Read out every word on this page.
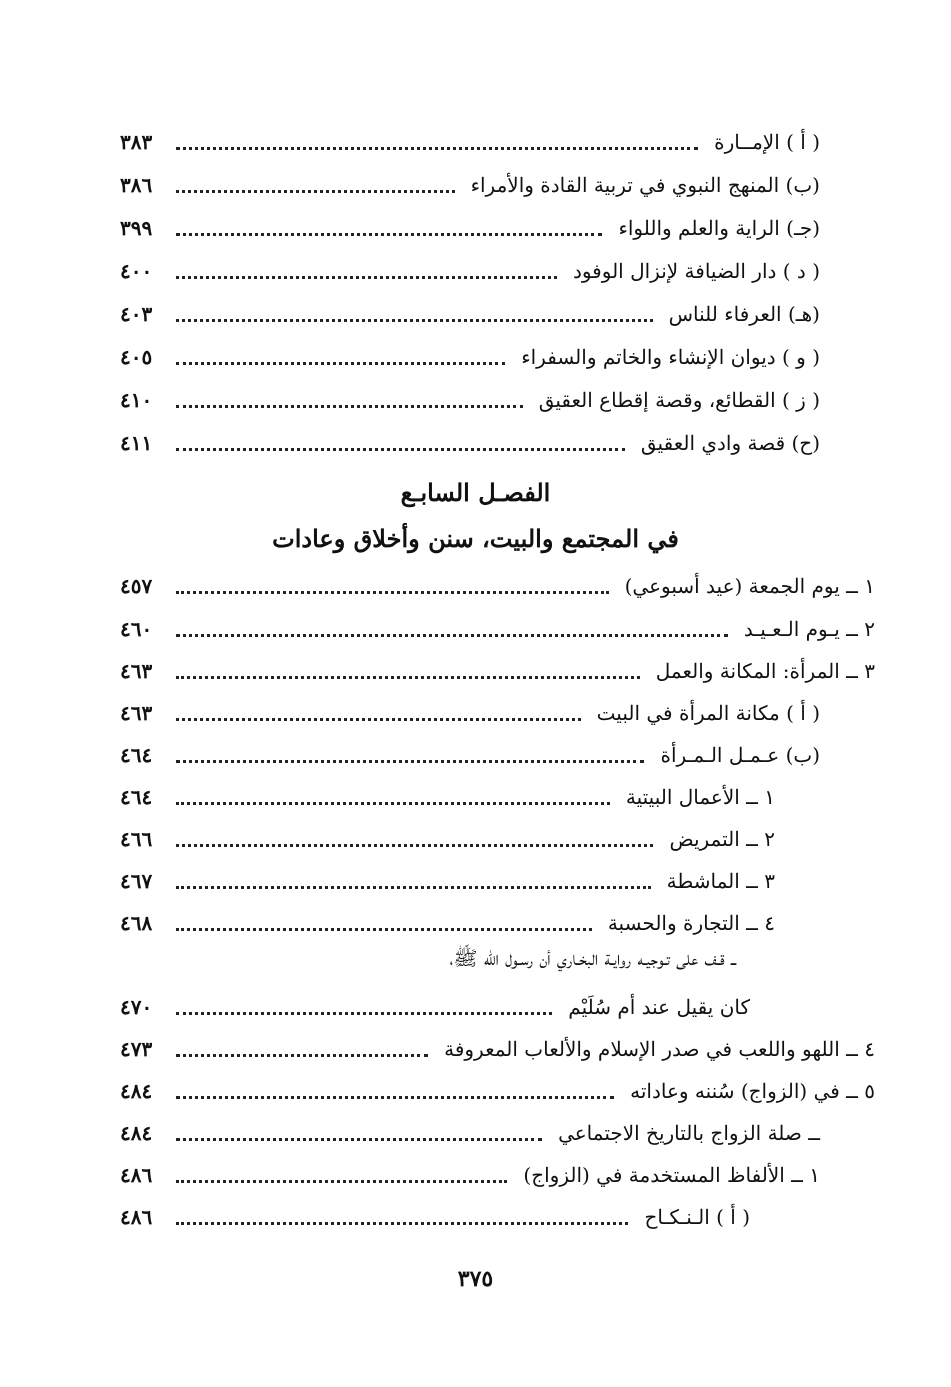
( أ ) الإمــارة
٣٨٣
(ب) المنهج النبوي في تربية القادة والأمراء
٣٨٦
(جـ) الراية والعلم واللواء
٣٩٩
( د ) دار الضيافة لإنزال الوفود
٤٠٠
(هـ) العرفاء للناس
٤٠٣
( و ) ديوان الإنشاء والخاتم والسفراء
٤٠٥
( ز ) القطائع، وقصة إقطاع العقيق
٤١٠
(ح) قصة وادي العقيق
٤١١
الفصـل السابـع
في المجتمع والبيت، سنن وأخلاق وعادات
١ ــ يوم الجمعة (عيد أسبوعي)
٤٥٧
٢ ــ يـوم الـعـيـد
٤٦٠
٣ ــ المرأة: المكانة والعمل
٤٦٣
( أ ) مكانة المرأة في البيت
٤٦٣
(ب) عـمـل الـمـرأة
٤٦٤
١ ــ الأعمال البيتية
٤٦٤
٢ ــ التمريض
٤٦٦
٣ ــ الماشطة
٤٦٧
٤ ــ التجارة والحسبة
٤٦٨
ــ قـف على تـوجيـه روايـة البخـاري أن رسـول الله ﷺ،
كان يقيل عند أم سُلَيْم
٤٧٠
٤ ــ اللهو واللعب في صدر الإسلام والألعاب المعروفة
٤٧٣
٥ ــ في (الزواج) سُننه وعاداته
٤٨٤
ــ صلة الزواج بالتاريخ الاجتماعي
٤٨٤
١ ــ الألفاظ المستخدمة في (الزواج)
٤٨٦
( أ ) الـنـكـاح
٤٨٦
٣٧٥
